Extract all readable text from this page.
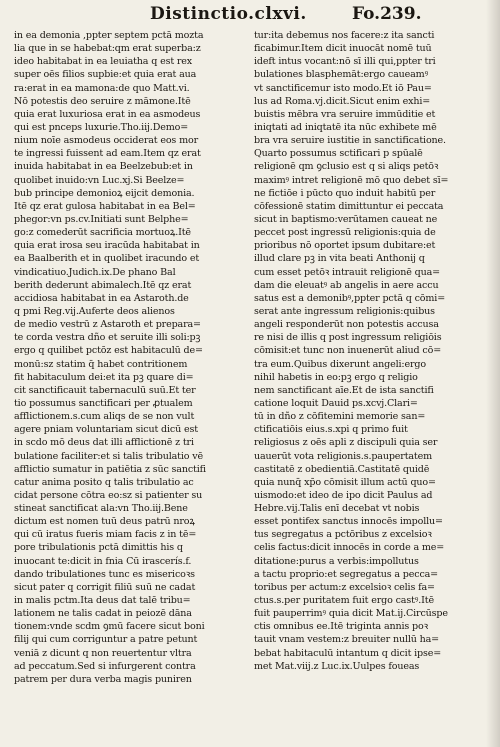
Distinctio.clxvi.	Fo.239.
in ea demonia ,ppter septem pctā mozta
lia que in se habebat:qm erat superba:z
ideo habitabat in ea leuiatha q est rex
super oēs filios supbie:et quia erat aua
ra:erat in ea mamona:de quo Matt.vi.
Nō potestis deo seruire z māmone.Itē
quia erat luxuriosa erat in ea asmodeus
qui est pnceps luxurie.Tho.iij.Demo=
nium noīe asmodeus occiderat eos mor
te ingressi fuissent ad eam.Item qz erat
inuida habitabat in ea Beelzebub:et in
quolibet inuido:vn Luc.xj.Si Beelze=
bub principe demonioꝝ eijcit demonia.
Itē qz erat gulosa habitabat in ea Bel=
phegor:vn ps.cv.Initiati sunt Belphe=
go:z comederūt sacrificia mortuoꝝ.Itē
quia erat irosa seu iracūda habitabat in
ea Baalberith et in quolibet iracundo et
vindicatiuo.Judich.ix.De phano Bal
berith dederunt abimalech.Itē qz erat
accidiosa habitabat in ea Astaroth.de
q pmi Reg.vij.Auferte deos alienos
de medio vestrū z Astaroth et prepara=
te corda vestra dño et seruite illi soli:pꝫ
ergo q quilibet pctōz est habitaculū de=
monū:sz statim q̄ habet contritionem
fit habitaculum dei:et ita pꝫ quare di=
cit sanctificauit tabernaculū suū.Et ter
tio possumus sanctificari per ꝓtualem
afflictionem.s.cum aliqs de se non vult
agere pniam voluntariam sicut dicū est
in scdo mō deus dat illi afflictionē z tri
bulatione faciliter:et si talis tribulatio vē
afflictio sumatur in patiētia z sūc sanctifi
catur anima posito q talis tribulatio ac
cidat persone cōtra eo:sz si patienter su
stineat sanctificat ala:vn Tho.iij.Bene
dictum est nomen tuū deus patrū nroꝝ
qui cū iratus fueris miam facis z in tē=
pore tribulationis pctā dimittis his q
inuocant te:dicit in fnia Cū irascerís.f.
dando tribulationes tunc es misericoꝛs
sicut pater q corrigit filiū suū ne cadat
in malis pctm.Ita deus dat talē tribu=
lationem ne talis cadat in peiozē dāna
tionem:vnde scdm ꝯmū facere sicut boni
filij qui cum corriguntur a patre petunt
veniā z dicunt q non reuertentur vltra
ad peccatum.Sed si infurgerent contra
patrem per dura verba magis puniren
tur:ita debemus nos facere:z ita sancti
ficabimur.Item dicit inuocāt nomē tuū
ideft intus vocant:nō sī illi qui,ppter tri
bulationes blasphemāt:ergo caueamꝰ
vt sanctificemur isto modo.Et iō Pau=
lus ad Roma.vj.dicit.Sicut enim exhi=
buistis mēbra vra seruire immūditie et
iniqtati ad iniqtatē ita nūc exhibete mē
bra vra seruire iustitie in sanctificatione.
Quarto possumus sctificari p spūalē
religionē qm ꝯclusio est q si aliqs petōꝛ
maximꝰ intret religionē mō quo debet sī=
ne fictiōe i pūcto quo induit habitū per
cōfessionē statim dimittuntur ei peccata
sicut in baptismo:verūtamen caueat ne
peccet post ingressū religionis:quia de
prioribus nō oportet ipsum dubitare:et
illud clare pꝫ in vita beati Anthonij q
cum esset petōꝛ intrauit religionē qua=
dam die eleuatꝰ ab angelis in aere accu
satus est a demonibꝰ,ppter pctā q cōmi=
serat ante ingressum religionis:quibus
angeli responderūt non potestis accusa
re nisi de illis q post ingressum religiōis
cōmisit:et tunc non inuenerūt aliud cō=
tra eum.Quibus dixerunt angeli:ergo
nihil habetis in eo:pꝫ ergo q religio
nem sanctificant aīe.Et de ista sanctifi
catione loquit Dauid ps.xcvj.Clari=
tū in dño z cōfitemini memorie san=
ctificatiōis eius.s.xpi q primo fuit
religiosus z oēs apli z discipuli quia ser
uauerūt vota religionis.s.paupertatem
castitatē z obedientiā.Castitatē quidē
quia nunq̄ xp̄o cōmisit illum actū quo=
uismodo:et ideo de ipo dicit Paulus ad
Hebre.vij.Talis enī decebat vt nobis
esset pontifex sanctus innocēs impollu=
tus segregatus a pctōribus z excelsioꝛ
celis factus:dicit innocēs in corde a me=
ditatione:purus a verbis:impollutus
a tactu proprio:et segregatus a pecca=
toribus per actum:z excelsioꝛ celis fa=
ctus.s.per puritatem fuit ergo castꝰ.Itē
fuit pauperrimꝰ quia dicit Mat.ij.Circūspe
ctis omnibus ee.Itē triginta annis poꝛ
tauit vnam vestem:z breuiter nullū ha=
bebat habitaculū intantum q dicit ipse=
met Mat.viij.z Luc.ix.Uulpes foueas
